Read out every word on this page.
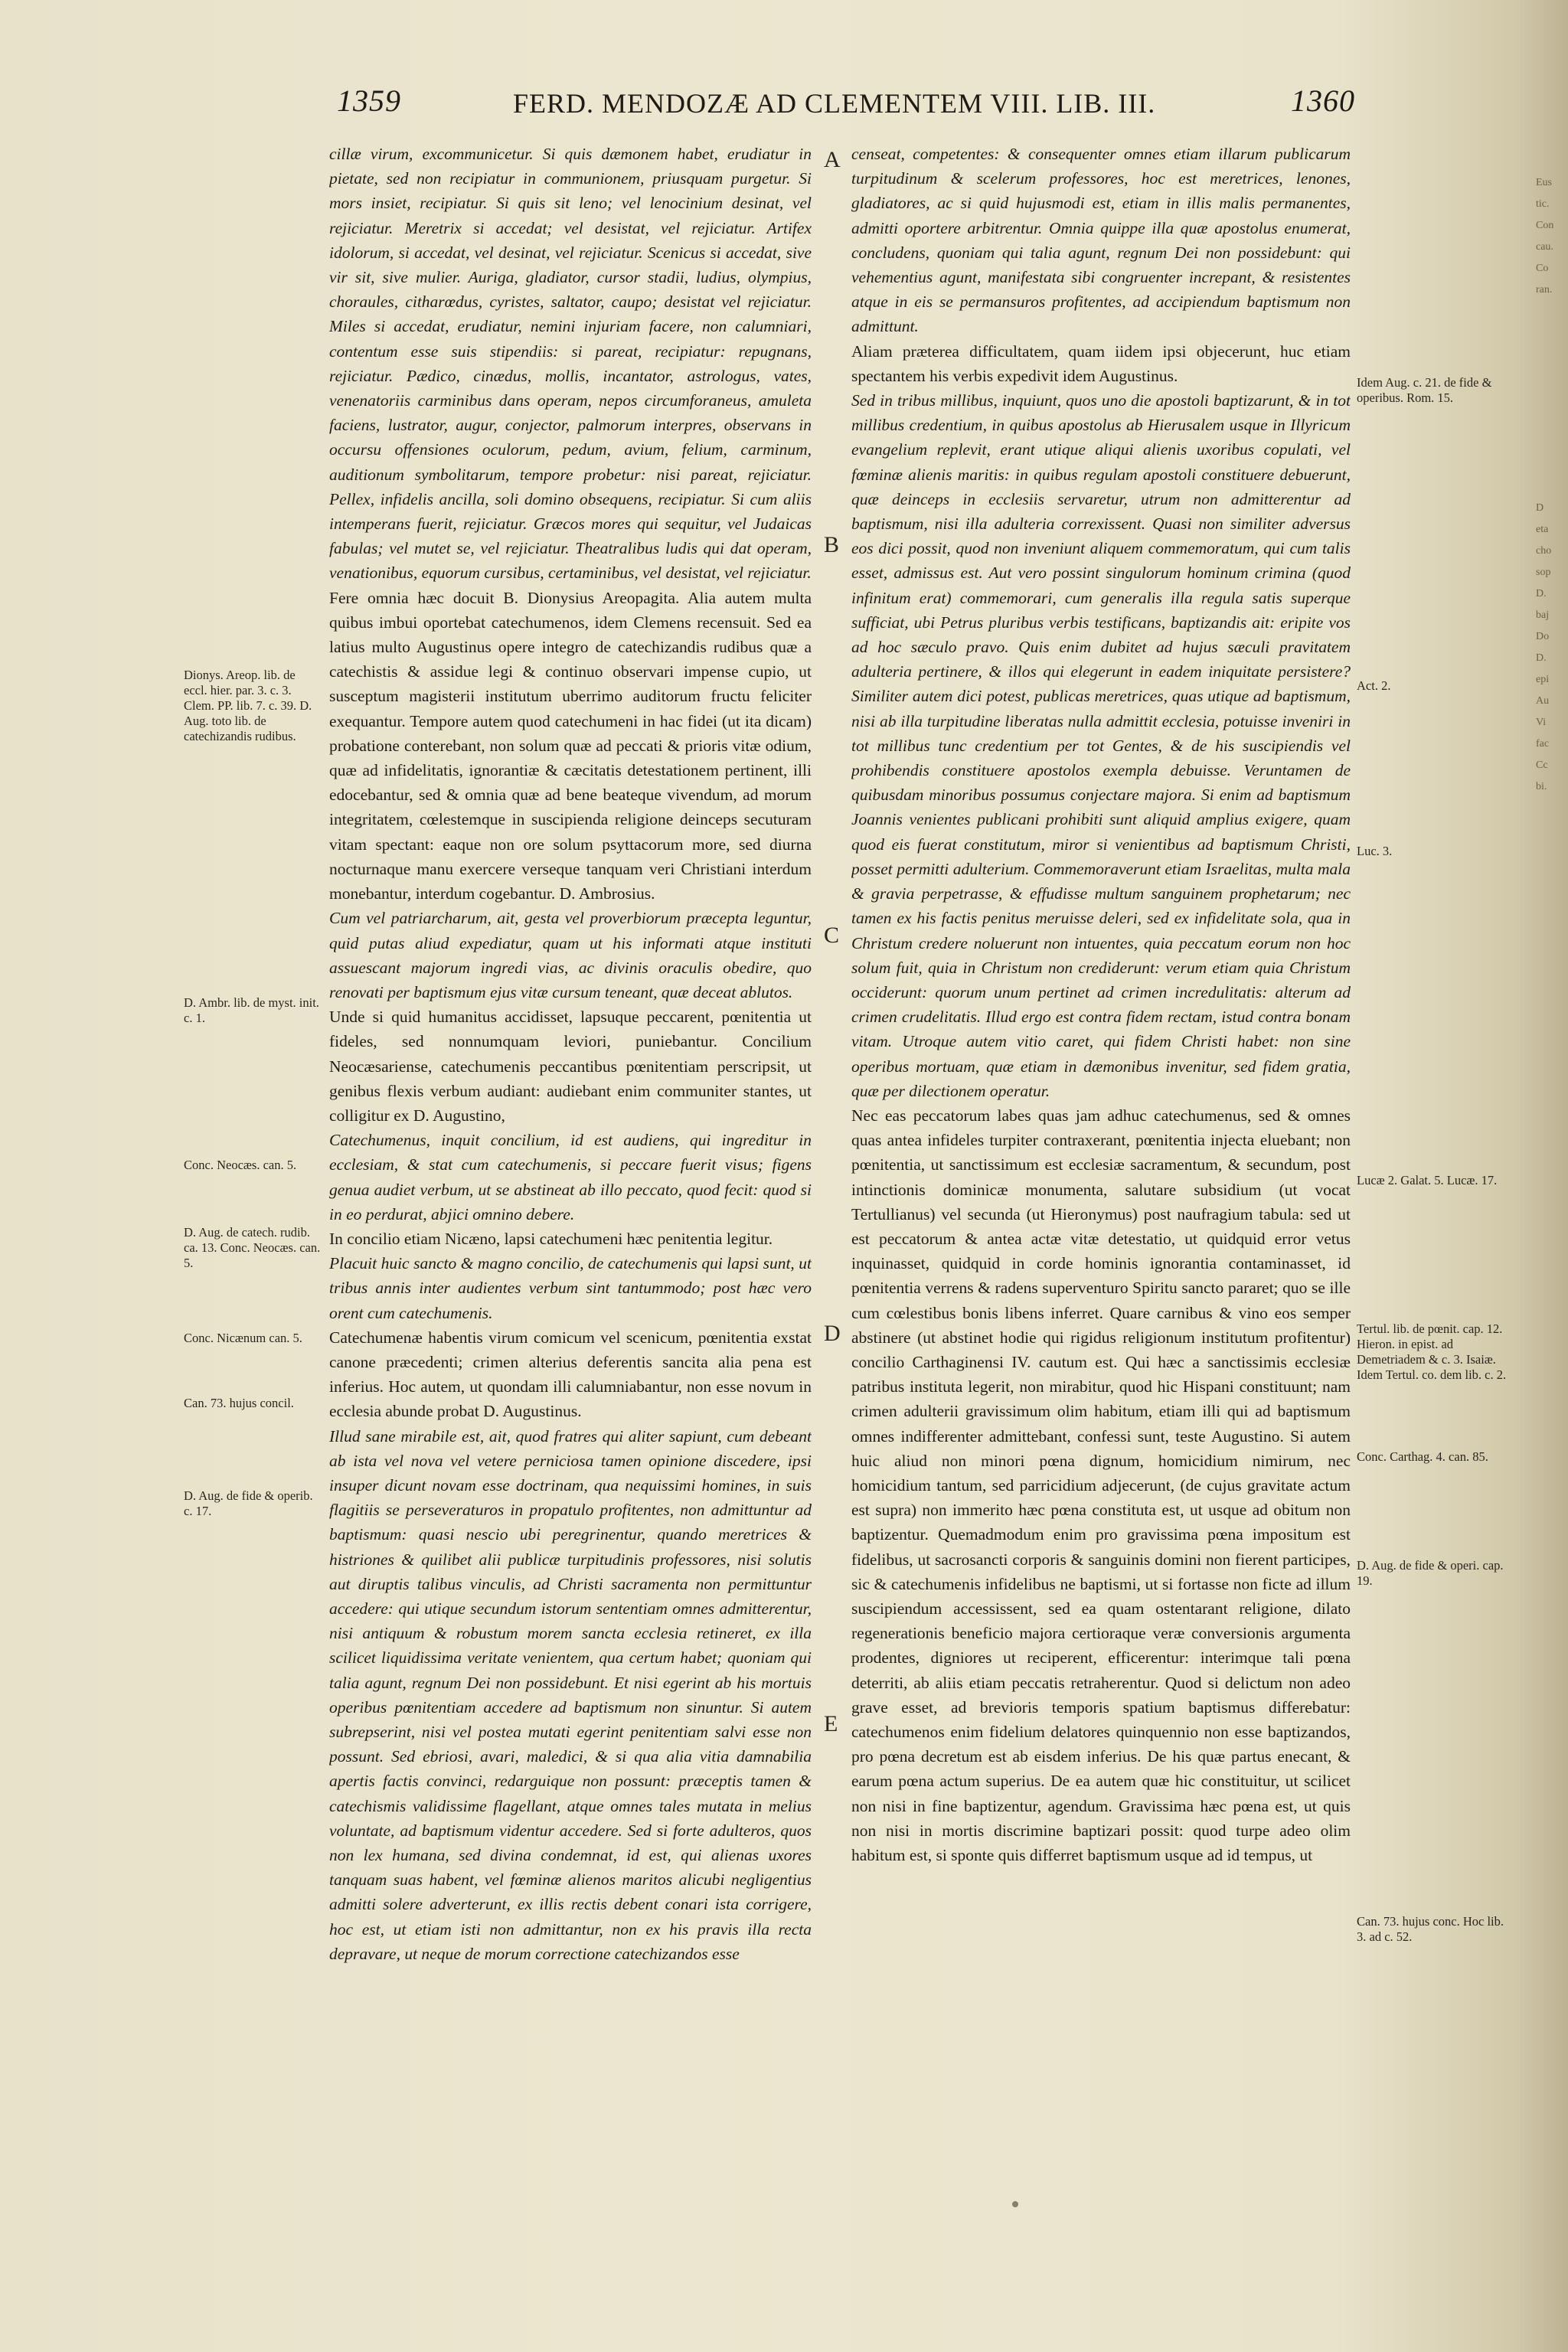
1359	FERD. MENDOZÆ AD CLEMENTEM VIII. LIB. III.	1360

cillæ virum, excommunicetur. Si quis dæmonem habet, erudiatur in pietate, sed non recipiatur in communionem, priusquam purgetur. Si mors insiet, recipiatur. Si quis sit leno; vel lenocinium desinat, vel rejiciatur. Meretrix si accedat; vel desistat, vel rejiciatur. Artifex idolorum, si accedat, vel desinat, vel rejiciatur. Scenicus si accedat, sive vir sit, sive mulier. Auriga, gladiator, cursor stadii, ludius, olympius, choraules, citharœdus, cyristes, saltator, caupo; desistat vel rejiciatur. Miles si accedat, erudiatur, nemini injuriam facere, non calumniari, contentum esse suis stipendiis: si pareat, recipiatur: repugnans, rejiciatur. Pædico, cinædus, mollis, incantator, astrologus, vates, venenatoriis carminibus dans operam, nepos circumforaneus, amuleta faciens, lustrator, augur, conjector, palmorum interpres, observans in occursu offensiones oculorum, pedum, avium, felium, carminum, auditionum symbolitarum, tempore probetur: nisi pareat, rejiciatur. Pellex, infidelis ancilla, soli domino obsequens, recipiatur. Si cum aliis intemperans fuerit, rejiciatur. Græcos mores qui sequitur, vel Judaicas fabulas; vel mutet se, vel rejiciatur. Theatralibus ludis qui dat operam, venationibus, equorum cursibus, certaminibus, vel desistat, vel rejiciatur.

Fere omnia hæc docuit B. Dionysius Areopagita. Alia autem multa quibus imbui oportebat catechumenos, idem Clemens recensuit. Sed ea latius multo Augustinus opere integro de catechizandis rudibus quæ a catechistis & assidue legi & continuo observari impense cupio, ut susceptum magisterii institutum uberrimo auditorum fructu feliciter exequantur. Tempore autem quod catechumeni in hac fidei (ut ita dicam) probatione conterebant, non solum quæ ad peccati & prioris vitæ odium, quæ ad infidelitatis, ignorantiæ & cæcitatis detestationem pertinent, illi edocebantur, sed & omnia quæ ad bene beateque vivendum, ad morum integritatem, cœlestemque in suscipienda religione deinceps secuturam vitam spectant: eaque non ore solum psyttacorum more, sed diurna nocturnaque manu exercere verseque tanquam veri Christiani interdum monebantur, interdum cogebantur. D. Ambrosius.

Cum vel patriarcharum, ait, gesta vel proverbiorum præcepta leguntur, quid putas aliud expediatur, quam ut his informati atque instituti assuescant majorum ingredi vias, ac divinis oraculis obedire, quo renovati per baptismum ejus vitæ cursum teneant, quæ deceat ablutos.

Unde si quid humanitus accidisset, lapsuque peccarent, pœnitentia ut fideles, sed nonnumquam leviori, puniebantur. Concilium Neocæsariense, catechumenis peccantibus pœnitentiam perscripsit, ut genibus flexis verbum audiant: audiebant enim communiter stantes, ut colligitur ex D. Augustino,

Catechumenus, inquit concilium, id est audiens, qui ingreditur in ecclesiam, & stat cum catechumenis, si peccare fuerit visus; figens genua audiet verbum, ut se abstineat ab illo peccato, quod fecit: quod si in eo perdurat, abjici omnino debere.

In concilio etiam Nicæno, lapsi catechumeni hæc penitentia legitur.

Placuit huic sancto & magno concilio, de catechumenis qui lapsi sunt, ut tribus annis inter audientes verbum sint tantummodo; post hæc vero orent cum catechumenis.

Catechumenæ habentis virum comicum vel scenicum, pœnitentia exstat canone præcedenti; crimen alterius deferentis sancita alia pena est inferius. Hoc autem, ut quondam illi calumniabantur, non esse novum in ecclesia abunde probat D. Augustinus.

Illud sane mirabile est, ait, quod fratres qui aliter sapiunt, cum debeant ab ista vel nova vel vetere perniciosa tamen opinione discedere, ipsi insuper dicunt novam esse doctrinam, qua nequissimi homines, in suis flagitiis se perseveraturos in propatulo profitentes, non admittuntur ad baptismum: quasi nescio ubi peregrinentur, quando meretrices & histriones & quilibet alii publicæ turpitudinis professores, nisi solutis aut diruptis talibus vinculis, ad Christi sacramenta non permittuntur accedere: qui utique secundum istorum sententiam omnes admitterentur, nisi antiquum & robustum morem sancta ecclesia retineret, ex illa scilicet liquidissima veritate venientem, qua certum habet; quoniam qui talia agunt, regnum Dei non possidebunt. Et nisi egerint ab his mortuis operibus pœnitentiam accedere ad baptismum non sinuntur. Si autem subrepserint, nisi vel postea mutati egerint penitentiam salvi esse non possunt. Sed ebriosi, avari, maledici, & si qua alia vitia damnabilia apertis factis convinci, redarguique non possunt: præceptis tamen & catechismis validissime flagellant, atque omnes tales mutata in melius voluntate, ad baptismum videntur accedere. Sed si forte adulteros, quos non lex humana, sed divina condemnat, id est, qui alienas uxores tanquam suas habent, vel fœminæ alienos maritos alicubi negligentius admitti solere adverterunt, ex illis rectis debent conari ista corrigere, hoc est, ut etiam isti non admittantur, non ex his pravis illa recta depravare, ut neque de morum correctione catechizandos esse

censeat, competentes: & consequenter omnes etiam illarum publicarum turpitudinum & scelerum professores, hoc est meretrices, lenones, gladiatores, ac si quid hujusmodi est, etiam in illis malis permanentes, admitti oportere arbitrentur. Omnia quippe illa quæ apostolus enumerat, concludens, quoniam qui talia agunt, regnum Dei non possidebunt: qui vehementius agunt, manifestata sibi congruenter increpant, & resistentes atque in eis se permansuros profitentes, ad accipiendum baptismum non admittunt.

Aliam præterea difficultatem, quam iidem ipsi objecerunt, huc etiam spectantem his verbis expedivit idem Augustinus.

Sed in tribus millibus, inquiunt, quos uno die apostoli baptizarunt, & in tot millibus credentium, in quibus apostolus ab Hierusalem usque in Illyricum evangelium replevit, erant utique aliqui alienis uxoribus copulati, vel fœminæ alienis maritis: in quibus regulam apostoli constituere debuerunt, quæ deinceps in ecclesiis servaretur, utrum non admitterentur ad baptismum, nisi illa adulteria correxissent. Quasi non similiter adversus eos dici possit, quod non inveniunt aliquem commemoratum, qui cum talis esset, admissus est. Aut vero possint singulorum hominum crimina (quod infinitum erat) commemorari, cum generalis illa regula satis superque sufficiat, ubi Petrus pluribus verbis testificans, baptizandis ait: eripite vos ad hoc sæculo pravo. Quis enim dubitet ad hujus sæculi pravitatem adulteria pertinere, & illos qui elegerunt in eadem iniquitate persistere? Similiter autem dici potest, publicas meretrices, quas utique ad baptismum, nisi ab illa turpitudine liberatas nulla admittit ecclesia, potuisse inveniri in tot millibus tunc credentium per tot Gentes, & de his suscipiendis vel prohibendis constituere apostolos exempla debuisse. Veruntamen de quibusdam minoribus possumus conjectare majora. Si enim ad baptismum Joannis venientes publicani prohibiti sunt aliquid amplius exigere, quam quod eis fuerat constitutum, miror si venientibus ad baptismum Christi, posset permitti adulterium. Commemoraverunt etiam Israelitas, multa mala & gravia perpetrasse, & effudisse multum sanguinem prophetarum; nec tamen ex his factis penitus meruisse deleri, sed ex infidelitate sola, qua in Christum credere noluerunt non intuentes, quia peccatum eorum non hoc solum fuit, quia in Christum non crediderunt: verum etiam quia Christum occiderunt: quorum unum pertinet ad crimen incredulitatis: alterum ad crimen crudelitatis. Illud ergo est contra fidem rectam, istud contra bonam vitam. Utroque autem vitio caret, qui fidem Christi habet: non sine operibus mortuam, quæ etiam in dæmonibus invenitur, sed fidem gratia, quæ per dilectionem operatur.

Nec eas peccatorum labes quas jam adhuc catechumenus, sed & omnes quas antea infideles turpiter contraxerant, pœnitentia injecta eluebant; non pœnitentia, ut sanctissimum est ecclesiæ sacramentum, & secundum, post intinctionis dominicæ monumenta, salutare subsidium (ut vocat Tertullianus) vel secunda (ut Hieronymus) post naufragium tabula: sed ut est peccatorum & antea actæ vitæ detestatio, ut quidquid error vetus inquinasset, quidquid in corde hominis ignorantia contaminasset, id pœnitentia verrens & radens superventuro Spiritu sancto pararet; quo se ille cum cœlestibus bonis libens inferret. Quare carnibus & vino eos semper abstinere (ut abstinet hodie qui rigidus religionum institutum profitentur) concilio Carthaginensi IV. cautum est. Qui hæc a sanctissimis ecclesiæ patribus instituta legerit, non mirabitur, quod hic Hispani constituunt; nam crimen adulterii gravissimum olim habitum, etiam illi qui ad baptismum omnes indifferenter admittebant, confessi sunt, teste Augustino. Si autem huic aliud non minori pœna dignum, homicidium nimirum, nec homicidium tantum, sed parricidium adjecerunt, (de cujus gravitate actum est supra) non immerito hæc pœna constituta est, ut usque ad obitum non baptizentur. Quemadmodum enim pro gravissima pœna impositum est fidelibus, ut sacrosancti corporis & sanguinis domini non fierent participes, sic & catechumenis infidelibus ne baptismi, ut si fortasse non ficte ad illum suscipiendum accessissent, sed ea quam ostentarant religione, dilato regenerationis beneficio majora certioraque veræ conversionis argumenta prodentes, digniores ut reciperent, efficerentur: interimque tali pœna deterriti, ab aliis etiam peccatis retraherentur. Quod si delictum non adeo grave esset, ad brevioris temporis spatium baptismus differebatur: catechumenos enim fidelium delatores quinquennio non esse baptizandos, pro pœna decretum est ab eisdem inferius. De his quæ partus enecant, & earum pœna actum superius. De ea autem quæ hic constituitur, ut scilicet non nisi in fine baptizentur, agendum. Gravissima hæc pœna est, ut quis non nisi in mortis discrimine baptizari possit: quod turpe adeo olim habitum est, si sponte quis differret baptismum usque ad id tempus, ut

A
B
C
D
E
Dionys. Areop. lib. de eccl. hier. par. 3. c. 3. Clem. PP. lib. 7. c. 39. D. Aug. toto lib. de catechizandis rudibus.
D. Ambr. lib. de myst. init. c. 1.
Conc. Neocæs. can. 5.
D. Aug. de catech. rudib. ca. 13. Conc. Neocæs. can. 5.
Conc. Nicænum can. 5.
Can. 73. hujus concil.
D. Aug. de fide & operib. c. 17.
Idem Aug. c. 21. de fide & operibus. Rom. 15.
Act. 2.
Luc. 3.
Lucæ 2. Galat. 5. Lucæ. 17.
Tertul. lib. de pœnit. cap. 12. Hieron. in epist. ad Demetriadem & c. 3. Isaiæ. Idem Tertul. co. dem lib. c. 2.
Conc. Carthag. 4. can. 85.
D. Aug. de fide & operi. cap. 19.
Can. 73. hujus conc. Hoc lib. 3. ad c. 52.
Eus
tic.
Con
cau.
Co
ran.
D
eta
cho
sop
D.
baj
Do
D.
epi
Au
Vi
fac
Cc
bi.
